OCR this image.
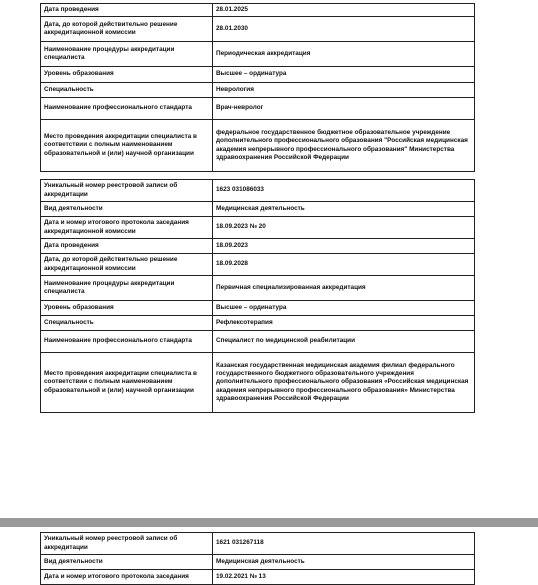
Дата проведения	28.01.2025
Дата, до которой действительно решение аккредитационной комиссии	28.01.2030
Наименование процедуры аккредитации специалиста	Периодическая аккредитация
Уровень образования	Высшее – ординатура
Специальность	Неврология
Наименование профессионального стандарта	Врач-невролог
Место проведения аккредитации специалиста в соответствии с полным наименованием образовательной и (или) научной организации	федеральное государственное бюджетное образовательное учреждение дополнительного профессионального образования "Российская медицинская академия непрерывного профессионального образования" Министерства здравоохранения Российской Федерации
Уникальный номер реестровой записи об аккредитации	1623 031086033
Вид деятельности	Медицинская деятельность
Дата и номер итогового протокола заседания аккредитационной комиссии	18.09.2023 № 20
Дата проведения	18.09.2023
Дата, до которой действительно решение аккредитационной комиссии	18.09.2028
Наименование процедуры аккредитации специалиста	Первичная специализированная аккредитация
Уровень образования	Высшее – ординатура
Специальность	Рефлексотерапия
Наименование профессионального стандарта	Специалист по медицинской реабилитации
Место проведения аккредитации специалиста в соответствии с полным наименованием образовательной и (или) научной организации	Казанская государственная медицинская академия филиал федерального государственного бюджетного образовательного учреждения дополнительного профессионального образования «Российская медицинская академия непрерывного профессионального образования» Министерства здравоохранения Российской Федерации
Уникальный номер реестровой записи об аккредитации	1621 031267118
Вид деятельности	Медицинская деятельность
Дата и номер итогового протокола заседания	19.02.2021 № 13
